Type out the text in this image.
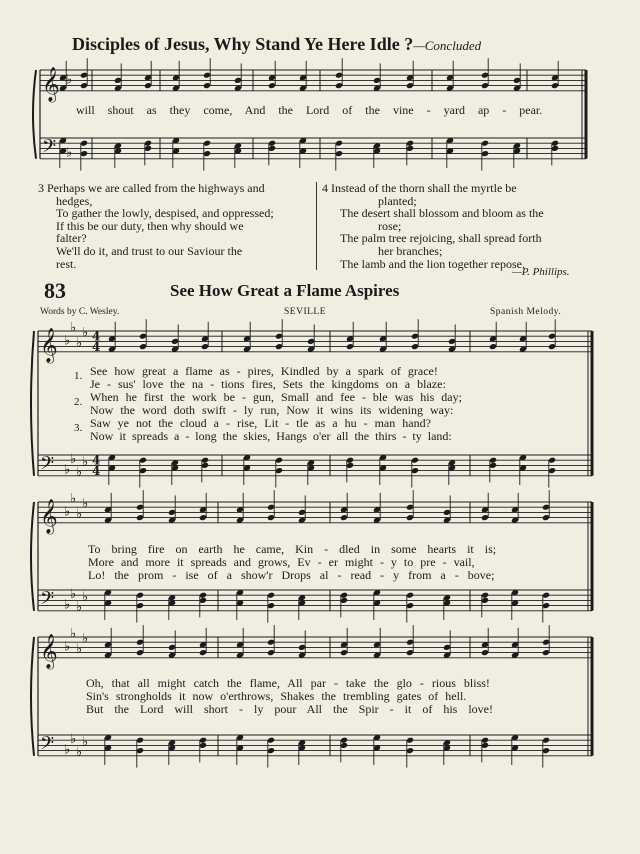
Disciples of Jesus, Why Stand Ye Here Idle ?—Concluded
𝄞
𝄢
♭
♭
𝄞
𝄢
♭
♭
♭
♭
♭
♭
♭
♭
4
4
4
4
𝄞
𝄢
♭
♭
♭
♭
♭
♭
♭
♭
𝄞
𝄢
♭
♭
♭
♭
♭
♭
♭
♭
will shout as they come, And the Lord of the vine - yard ap - pear.
3 Perhaps we are called from the highways and
hedges,
To gather the lowly, despised, and oppressed;
If this be our duty, then why should we
falter?
We'll do it, and trust to our Saviour the
rest.
4 Instead of the thorn shall the myrtle be
planted;
The desert shall blossom and bloom as the
rose;
The palm tree rejoicing, shall spread forth
her branches;
The lamb and the lion together repose.
—P. Phillips.
83	See How Great a Flame Aspires
Words by C. Wesley.	SEVILLE	Spanish Melody.
1.
2.
3.
See how great a flame as - pires, Kindled by a spark of grace!
Je - sus' love the na - tions fires, Sets the kingdoms on a blaze:
When he first the work be - gun, Small and fee - ble was his day;
Now the word doth swift - ly run, Now it wins its widening way:
Saw ye not the cloud a - rise, Lit - tle as a hu - man hand?
Now it spreads a - long the skies, Hangs o'er all the thirs - ty land:
To bring fire on earth he came, Kin - dled in some hearts it is;
More and more it spreads and grows, Ev - er might - y to pre - vail,
Lo! the prom - ise of a show'r Drops al - read - y from a - bove;
Oh, that all might catch the flame, All par - take the glo - rious bliss!
Sin's strongholds it now o'erthrows, Shakes the trembling gates of hell.
But the Lord will short - ly pour All the Spir - it of his love!
